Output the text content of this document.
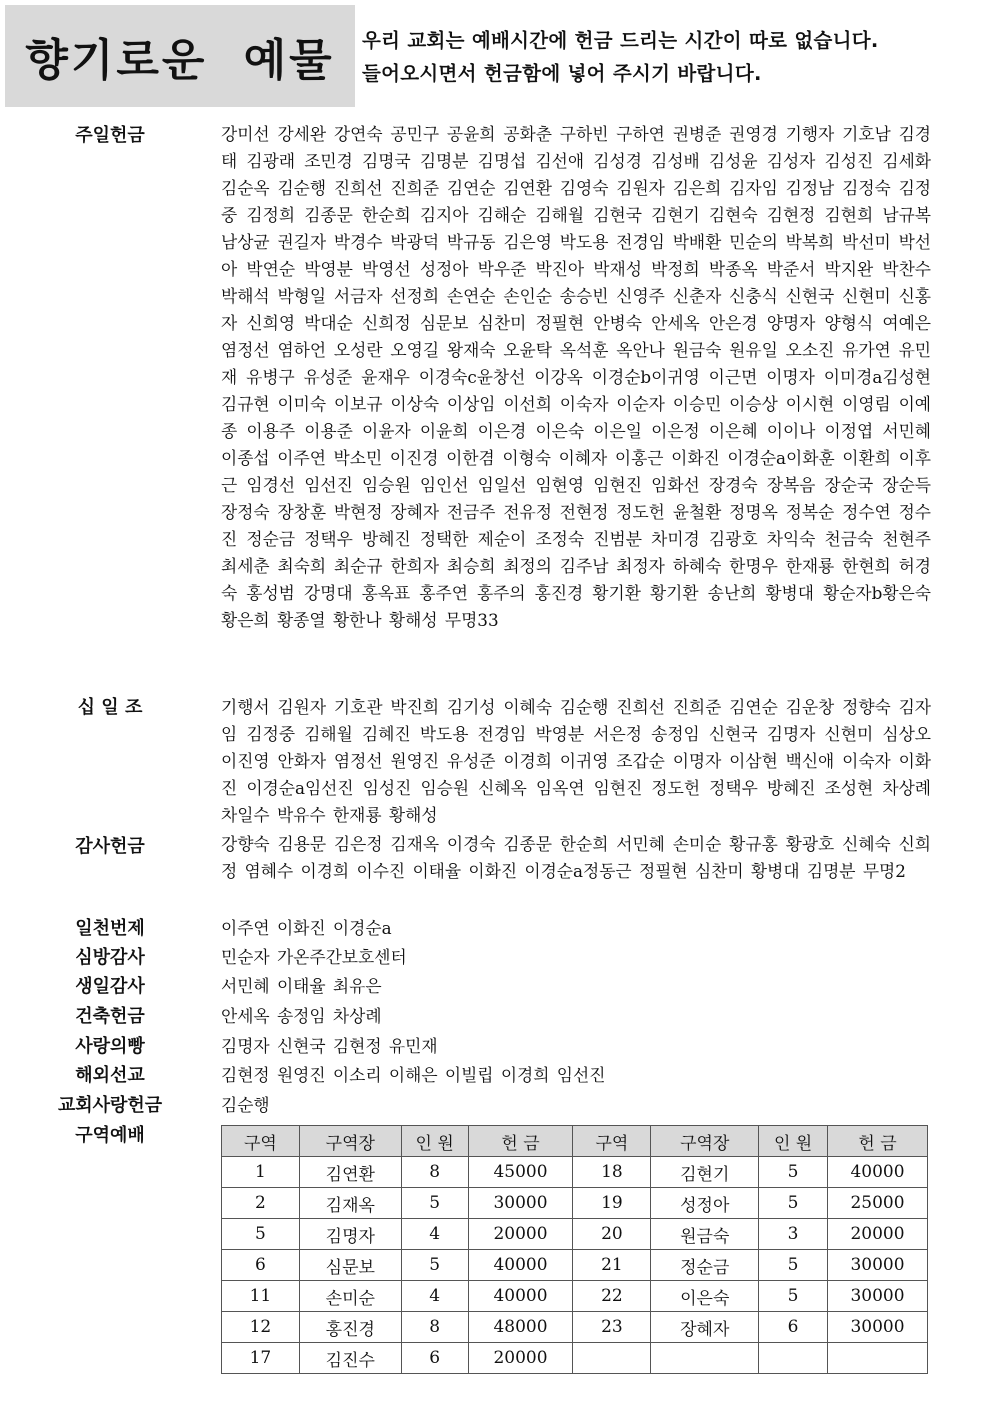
향기로운 예물 우리 교회는 예배시간에 헌금 드리는 시간이 따로 없습니다.
들어오시면서 헌금함에 넣어 주시기 바랍니다.
주일헌금	강미선 강세완 강연숙 공민구 공윤희 공화춘 구하빈 구하연 권병준 권영경 기행자 기호남 김경태 김광래 조민경 김명국 김명분 김명섭 김선애 김성경 김성배 김성윤 김성자 김성진 김세화 김순옥 김순행 진희선 진희준 김연순 김연환 김영숙 김원자 김은희 김자임 김정남 김정숙 김정중 김정희 김종문 한순희 김지아 김해순 김해월 김현국 김현기 김현숙 김현정 김현희 남규복 남상균 권길자 박경수 박광덕 박규동 김은영 박도용 전경임 박배환 민순의 박복희 박선미 박선아 박연순 박영분 박영선 성정아 박우준 박진아 박재성 박정희 박종옥 박준서 박지완 박찬수 박해석 박형일 서금자 선정희 손연순 손인순 송승빈 신영주 신춘자 신충식 신현국 신현미 신홍자 신희영 박대순 신희정 심문보 심찬미 정필현 안병숙 안세옥 안은경 양명자 양형식 여예은 염정선 염하언 오성란 오영길 왕재숙 오윤탁 옥석훈 옥안나 원금숙 원유일 오소진 유가연 유민재 유병구 유성준 윤재우 이경숙c윤창선 이강옥 이경순b이귀영 이근면 이명자 이미경a김성현 김규현 이미숙 이보규 이상숙 이상임 이선희 이숙자 이순자 이승민 이승상 이시현 이영림 이예종 이용주 이용준 이윤자 이윤희 이은경 이은숙 이은일 이은정 이은혜 이이나 이정엽 서민혜 이종섭 이주연 박소민 이진경 이한겸 이형숙 이혜자 이홍근 이화진 이경순a이화훈 이환희 이후근 임경선 임선진 임승원 임인선 임일선 임현영 임현진 임화선 장경숙 장복음 장순국 장순득 장정숙 장창훈 박현정 장혜자 전금주 전유정 전현정 정도헌 윤철환 정명옥 정복순 정수연 정수진 정순금 정택우 방혜진 정택한 제순이 조정숙 진범분 차미경 김광호 차익숙 천금숙 천현주 최세춘 최숙희 최순규 한희자 최승희 최정의 김주남 최정자 하혜숙 한명우 한재룡 한현희 허경숙 홍성범 강명대 홍옥표 홍주연 홍주의 홍진경 황기환 황기환 송난희 황병대 황순자b황은숙 황은희 황종열 황한나 황해성 무명33
십 일 조	기행서 김원자 기호관 박진희 김기성 이혜숙 김순행 진희선 진희준 김연순 김운창 정향숙 김자임 김정중 김해월 김혜진 박도용 전경임 박영분 서은정 송정임 신현국 김명자 신현미 심상오 이진영 안화자 염정선 원영진 유성준 이경희 이귀영 조갑순 이명자 이삼현 백신애 이숙자 이화진 이경순a임선진 임성진 임승원 신혜옥 임옥연 임현진 정도헌 정택우 방혜진 조성현 차상례 차일수 박유수 한재룡 황해성
감사헌금	강향숙 김용문 김은정 김재옥 이경숙 김종문 한순희 서민혜 손미순 황규홍 황광호 신혜숙 신희정 염혜수 이경희 이수진 이태율 이화진 이경순a정동근 정필현 심찬미 황병대 김명분 무명2
일천번제	이주연 이화진 이경순a
심방감사	민순자 가온주간보호센터
생일감사	서민혜 이태율 최유은
건축헌금	안세옥 송정임 차상례
사랑의빵	김명자 신현국 김현정 유민재
해외선교	김현정 원영진 이소리 이해은 이빌립 이경희 임선진
교회사랑헌금	김순행
구역예배	구역	구역장	인 원	헌 금	구역	구역장	인 원	헌 금
1	김연환	8	45000	18	김현기	5	40000
2	김재옥	5	30000	19	성정아	5	25000
5	김명자	4	20000	20	원금숙	3	20000
6	심문보	5	40000	21	정순금	5	30000
11	손미순	4	40000	22	이은숙	5	30000
12	홍진경	8	48000	23	장혜자	6	30000
17	김진수	6	20000				
